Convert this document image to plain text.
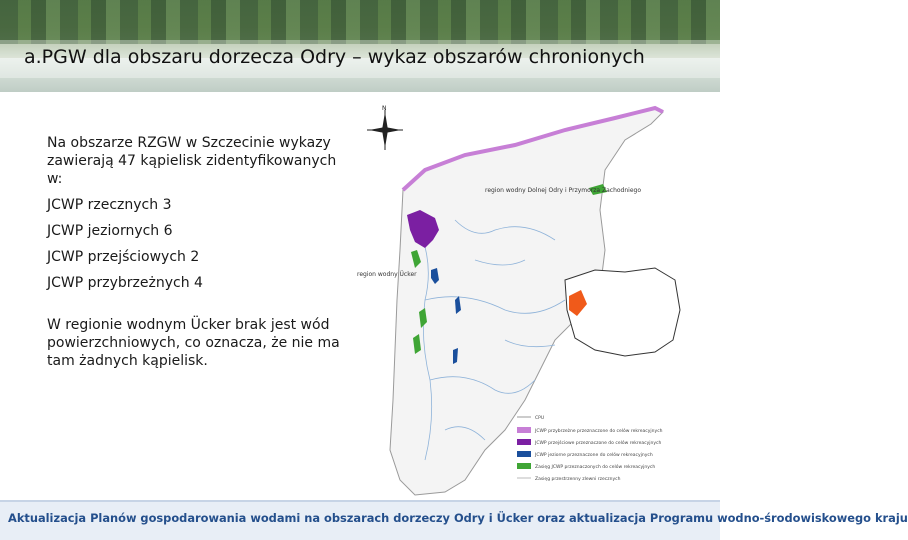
a.PGW dla obszaru dorzecza Odry – wykaz obszarów chronionych

Na obszarze RZGW w Szczecinie wykazy zawierają 47 kąpielisk zidentyfikowanych w:

JCWP rzecznych 3

JCWP jeziornych 6

JCWP przejściowych 2

JCWP przybrzeżnych 4

W regionie wodnym Ücker brak jest wód powierzchniowych, co oznacza, że nie ma tam żadnych kąpielisk.

N
region wodny Dolnej Odry i Przymorza Zachodniego
region wodny Ücker
CPU
JCWP przybrzeżne przeznaczone do celów rekreacyjnych
JCWP przejściowe przeznaczone do celów rekreacyjnych
JCWP jeziorne przeznaczone do celów rekreacyjnych
Zasięg JCWP przeznaczonych do celów rekreacyjnych
Zasięg przestrzenny zlewni rzecznych
Aktualizacja Planów gospodarowania wodami na obszarach dorzeczy Odry i Ücker oraz aktualizacja Programu wodno-środowiskowego kraju
